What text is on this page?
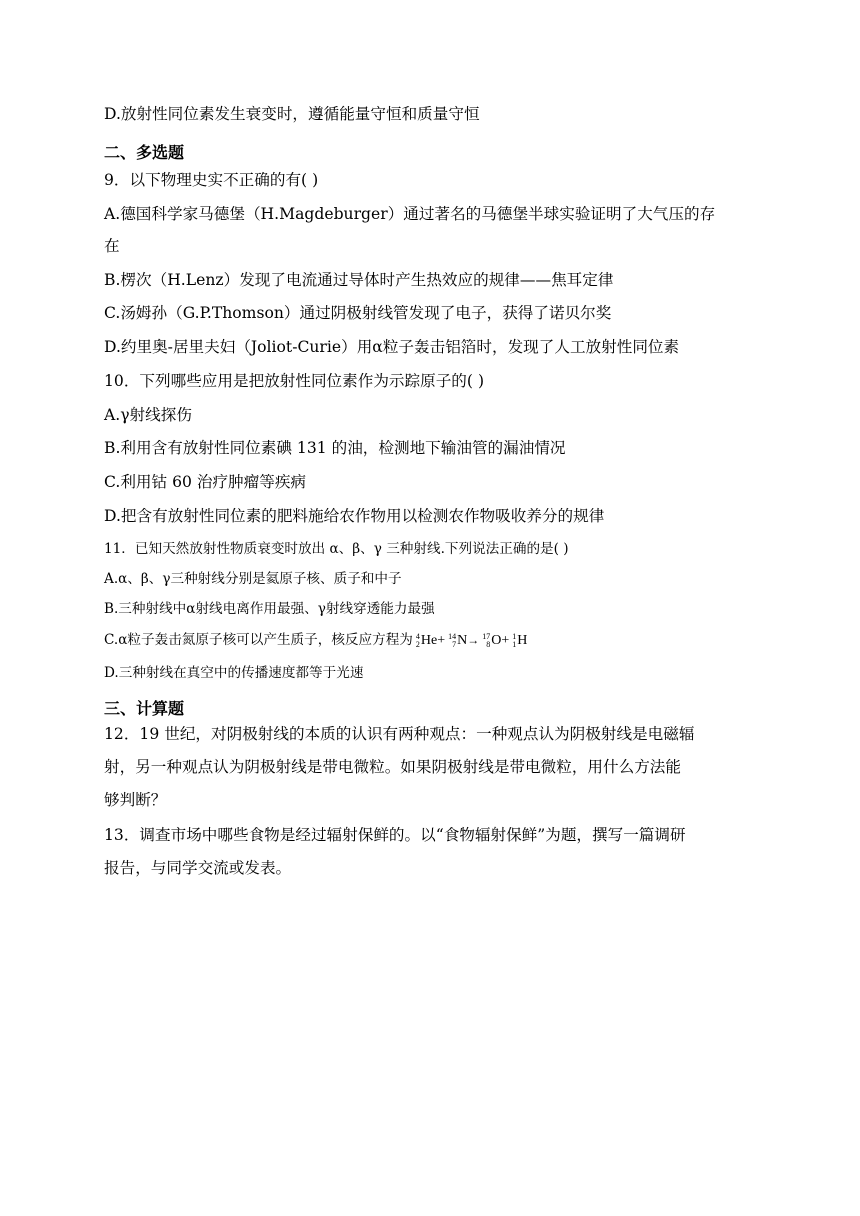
D.放射性同位素发生衰变时，遵循能量守恒和质量守恒
二、多选题
9．以下物理史实不正确的有( )
A.德国科学家马德堡（H.Magdeburger）通过著名的马德堡半球实验证明了大气压的存
在
B.楞次（H.Lenz）发现了电流通过导体时产生热效应的规律——焦耳定律
C.汤姆孙（G.P.Thomson）通过阴极射线管发现了电子，获得了诺贝尔奖
D.约里奥-居里夫妇（Joliot-Curie）用α粒子轰击铝箔时，发现了人工放射性同位素
10．下列哪些应用是把放射性同位素作为示踪原子的( )
A.γ射线探伤
B.利用含有放射性同位素碘 131 的油，检测地下输油管的漏油情况
C.利用钴 60 治疗肿瘤等疾病
D.把含有放射性同位素的肥料施给农作物用以检测农作物吸收养分的规律
11．已知天然放射性物质衰变时放出 α、β、γ 三种射线.下列说法正确的是( )
A.α、β、γ三种射线分别是氦原子核、质子和中子
B.三种射线中α射线电离作用最强、γ射线穿透能力最强
C.α粒子轰击氮原子核可以产生质子，核反应方程为 4
2 He+ 14
7 N→ 17
8 O+ 1
1 H
D.三种射线在真空中的传播速度都等于光速
三、计算题
12．19 世纪，对阴极射线的本质的认识有两种观点：一种观点认为阴极射线是电磁辐
射，另一种观点认为阴极射线是带电微粒。如果阴极射线是带电微粒，用什么方法能
够判断？
13．调查市场中哪些食物是经过辐射保鲜的。以“食物辐射保鲜”为题，撰写一篇调研
报告，与同学交流或发表。
